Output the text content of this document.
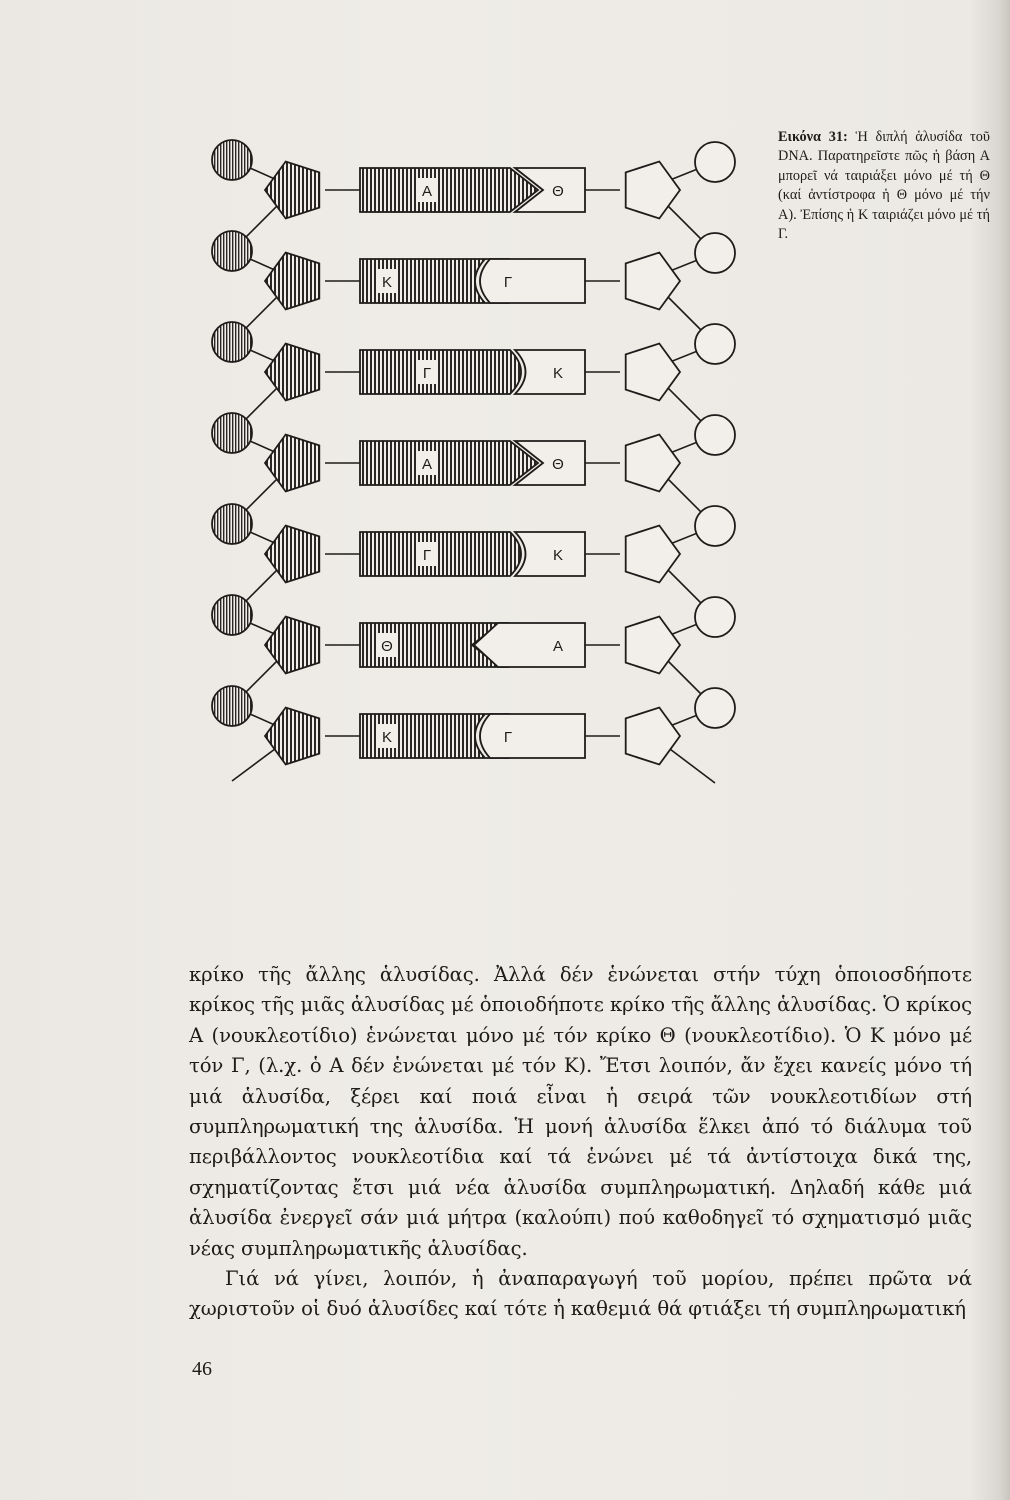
Α	Θ
Κ	Γ
Γ	Κ
Α	Θ
Γ	Κ
Θ	Α
Κ	Γ
Εικόνα 31: Ἡ διπλή ἁλυσίδα τοῦ DNA. Παρατηρεῖστε πῶς ἡ βάση Α μπορεῖ νά ταιριάξει μόνο μέ τή Θ (καί ἀντίστροφα ἡ Θ μόνο μέ τήν Α). Ἐπίσης ἡ Κ ταιριάζει μόνο μέ τή Γ.

κρίκο τῆς ἄλλης ἁλυσίδας. Ἀλλά δέν ἑνώνεται στήν τύχη ὁποιοσδήποτε κρίκος τῆς μιᾶς ἁλυσίδας μέ ὁποιοδήποτε κρίκο τῆς ἄλλης ἁλυσίδας. Ὁ κρίκος Α (νουκλεοτίδιο) ἑνώνεται μόνο μέ τόν κρίκο Θ (νουκλεοτίδιο). Ὁ Κ μόνο μέ τόν Γ, (λ.χ. ὁ Α δέν ἑνώνεται μέ τόν Κ). Ἔτσι λοιπόν, ἄν ἔχει κανείς μόνο τή μιά ἁλυσίδα, ξέρει καί ποιά εἶναι ἡ σειρά τῶν νουκλεοτιδίων στή συμπληρωματική της ἁλυσίδα. Ἡ μονή ἁλυσίδα ἕλκει ἀπό τό διάλυμα τοῦ περιβάλλοντος νουκλεοτίδια καί τά ἑνώνει μέ τά ἀντίστοιχα δικά της, σχηματίζοντας ἔτσι μιά νέα ἁλυσίδα συμπληρωματική. Δηλαδή κάθε μιά ἁλυσίδα ἐνεργεῖ σάν μιά μήτρα (καλούπι) πού καθοδηγεῖ τό σχηματισμό μιᾶς νέας συμπληρωματικῆς ἁλυσίδας.

Γιά νά γίνει, λοιπόν, ἡ ἀναπαραγωγή τοῦ μορίου, πρέπει πρῶτα νά χωριστοῦν οἱ δυό ἁλυσίδες καί τότε ἡ καθεμιά θά φτιάξει τή συμπληρωματική

46
